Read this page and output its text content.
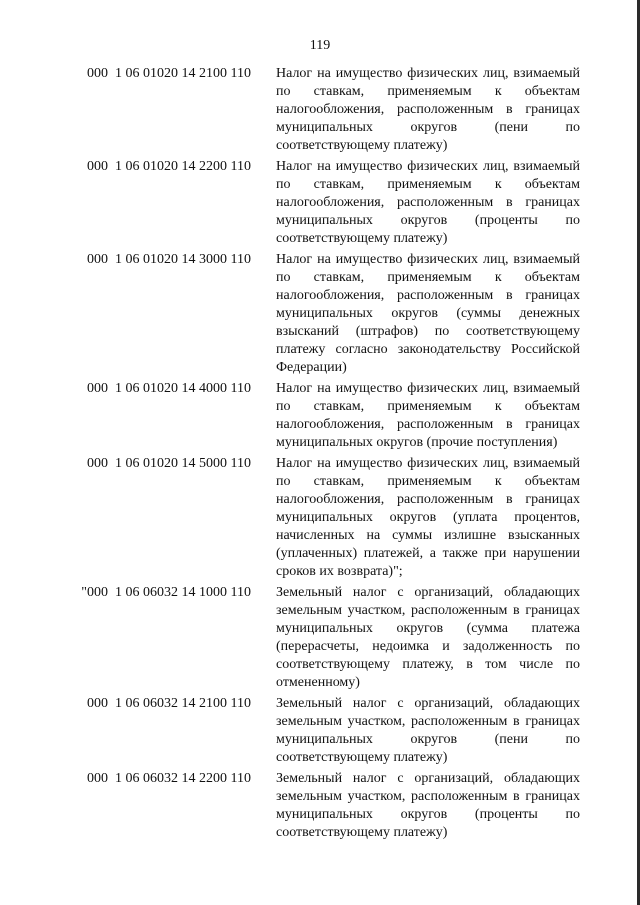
119
000 1 06 01020 14 2100 110 Налог на имущество физических лиц, взимаемый по ставкам, применяемым к объектам налогообложения, расположенным в границах муниципальных округов (пени по соответствующему платежу)
000 1 06 01020 14 2200 110 Налог на имущество физических лиц, взимаемый по ставкам, применяемым к объектам налогообложения, расположенным в границах муниципальных округов (проценты по соответствующему платежу)
000 1 06 01020 14 3000 110 Налог на имущество физических лиц, взимаемый по ставкам, применяемым к объектам налогообложения, расположенным в границах муниципальных округов (суммы денежных взысканий (штрафов) по соответствующему платежу согласно законодательству Российской Федерации)
000 1 06 01020 14 4000 110 Налог на имущество физических лиц, взимаемый по ставкам, применяемым к объектам налогообложения, расположенным в границах муниципальных округов (прочие поступления)
000 1 06 01020 14 5000 110 Налог на имущество физических лиц, взимаемый по ставкам, применяемым к объектам налогообложения, расположенным в границах муниципальных округов (уплата процентов, начисленных на суммы излишне взысканных (уплаченных) платежей, а также при нарушении сроков их возврата)";
"000 1 06 06032 14 1000 110 Земельный налог с организаций, обладающих земельным участком, расположенным в границах муниципальных округов (сумма платежа (перерасчеты, недоимка и задолженность по соответствующему платежу, в том числе по отмененному)
000 1 06 06032 14 2100 110 Земельный налог с организаций, обладающих земельным участком, расположенным в границах муниципальных округов (пени по соответствующему платежу)
000 1 06 06032 14 2200 110 Земельный налог с организаций, обладающих земельным участком, расположенным в границах муниципальных округов (проценты по соответствующему платежу)
